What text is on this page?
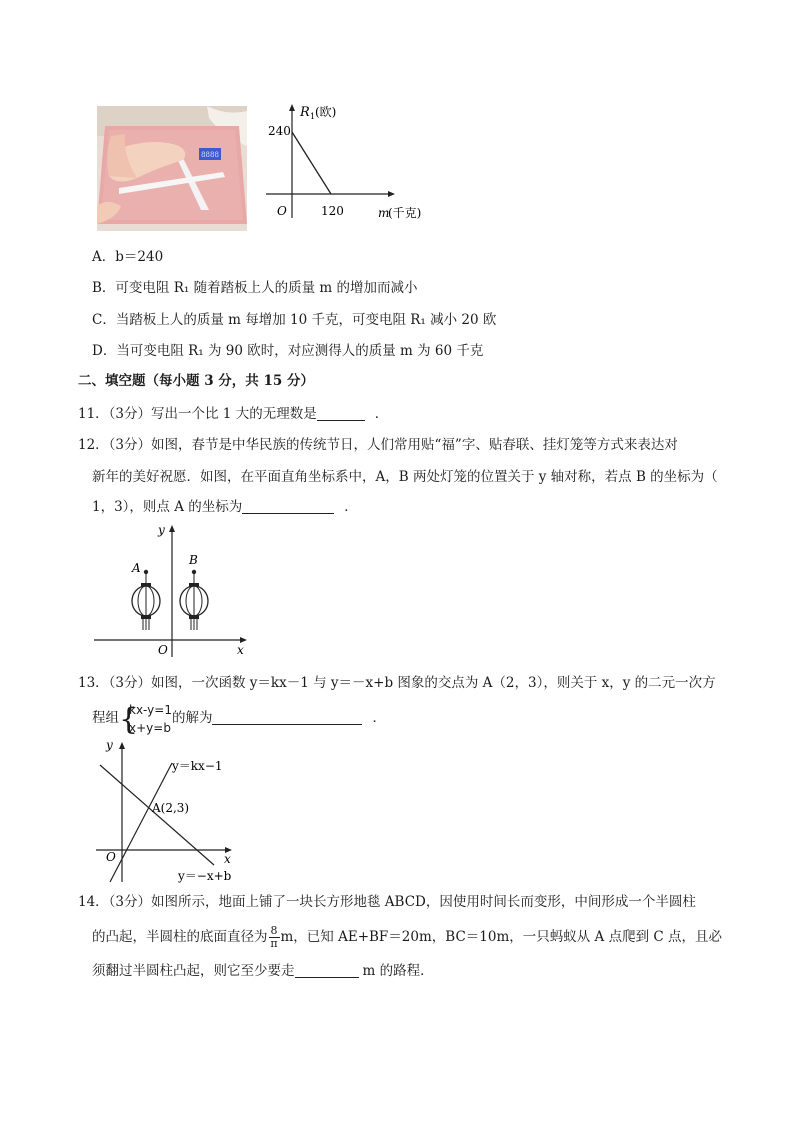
8888
R 1 (欧)
240
O	120	m
(千克)
A．b＝240
B．可变电阻 R₁ 随着踏板上人的质量 m 的增加而减小
C．当踏板上人的质量 m 每增加 10 千克，可变电阻 R₁ 减小 20 欧
D．当可变电阻 R₁ 为 90 欧时，对应测得人的质量 m 为 60 千克
二、填空题（每小题 3 分，共 15 分）
11．（3分）写出一个比 1 大的无理数是	．
12．（3分）如图，春节是中华民族的传统节日，人们常用贴“福”字、贴春联、挂灯笼等方式来表达对
新年的美好祝愿．如图，在平面直角坐标系中，A，B 两处灯笼的位置关于 y 轴对称，若点 B 的坐标为（
1，3），则点 A 的坐标为	．
y
x
O
A
B
13．（3分）如图，一次函数 y＝kx－1 与 y＝－x+b 图象的交点为 A（2，3），则关于 x，y 的二元一次方
程组 {
kx-y=1
x+y=b
的解为	．
y
x
O
A(2,3)
y＝kx−1
y＝−x+b
14．（3分）如图所示，地面上铺了一块长方形地毯 ABCD，因使用时间长而变形，中间形成一个半圆柱
的凸起，半圆柱的底面直径为 $\frac{8}{\pi}$ m，已知 AE+BF＝20m，BC＝10m，一只蚂蚁从 A 点爬到 C 点，且必
须翻过半圆柱凸起，则它至少要走	m 的路程．
